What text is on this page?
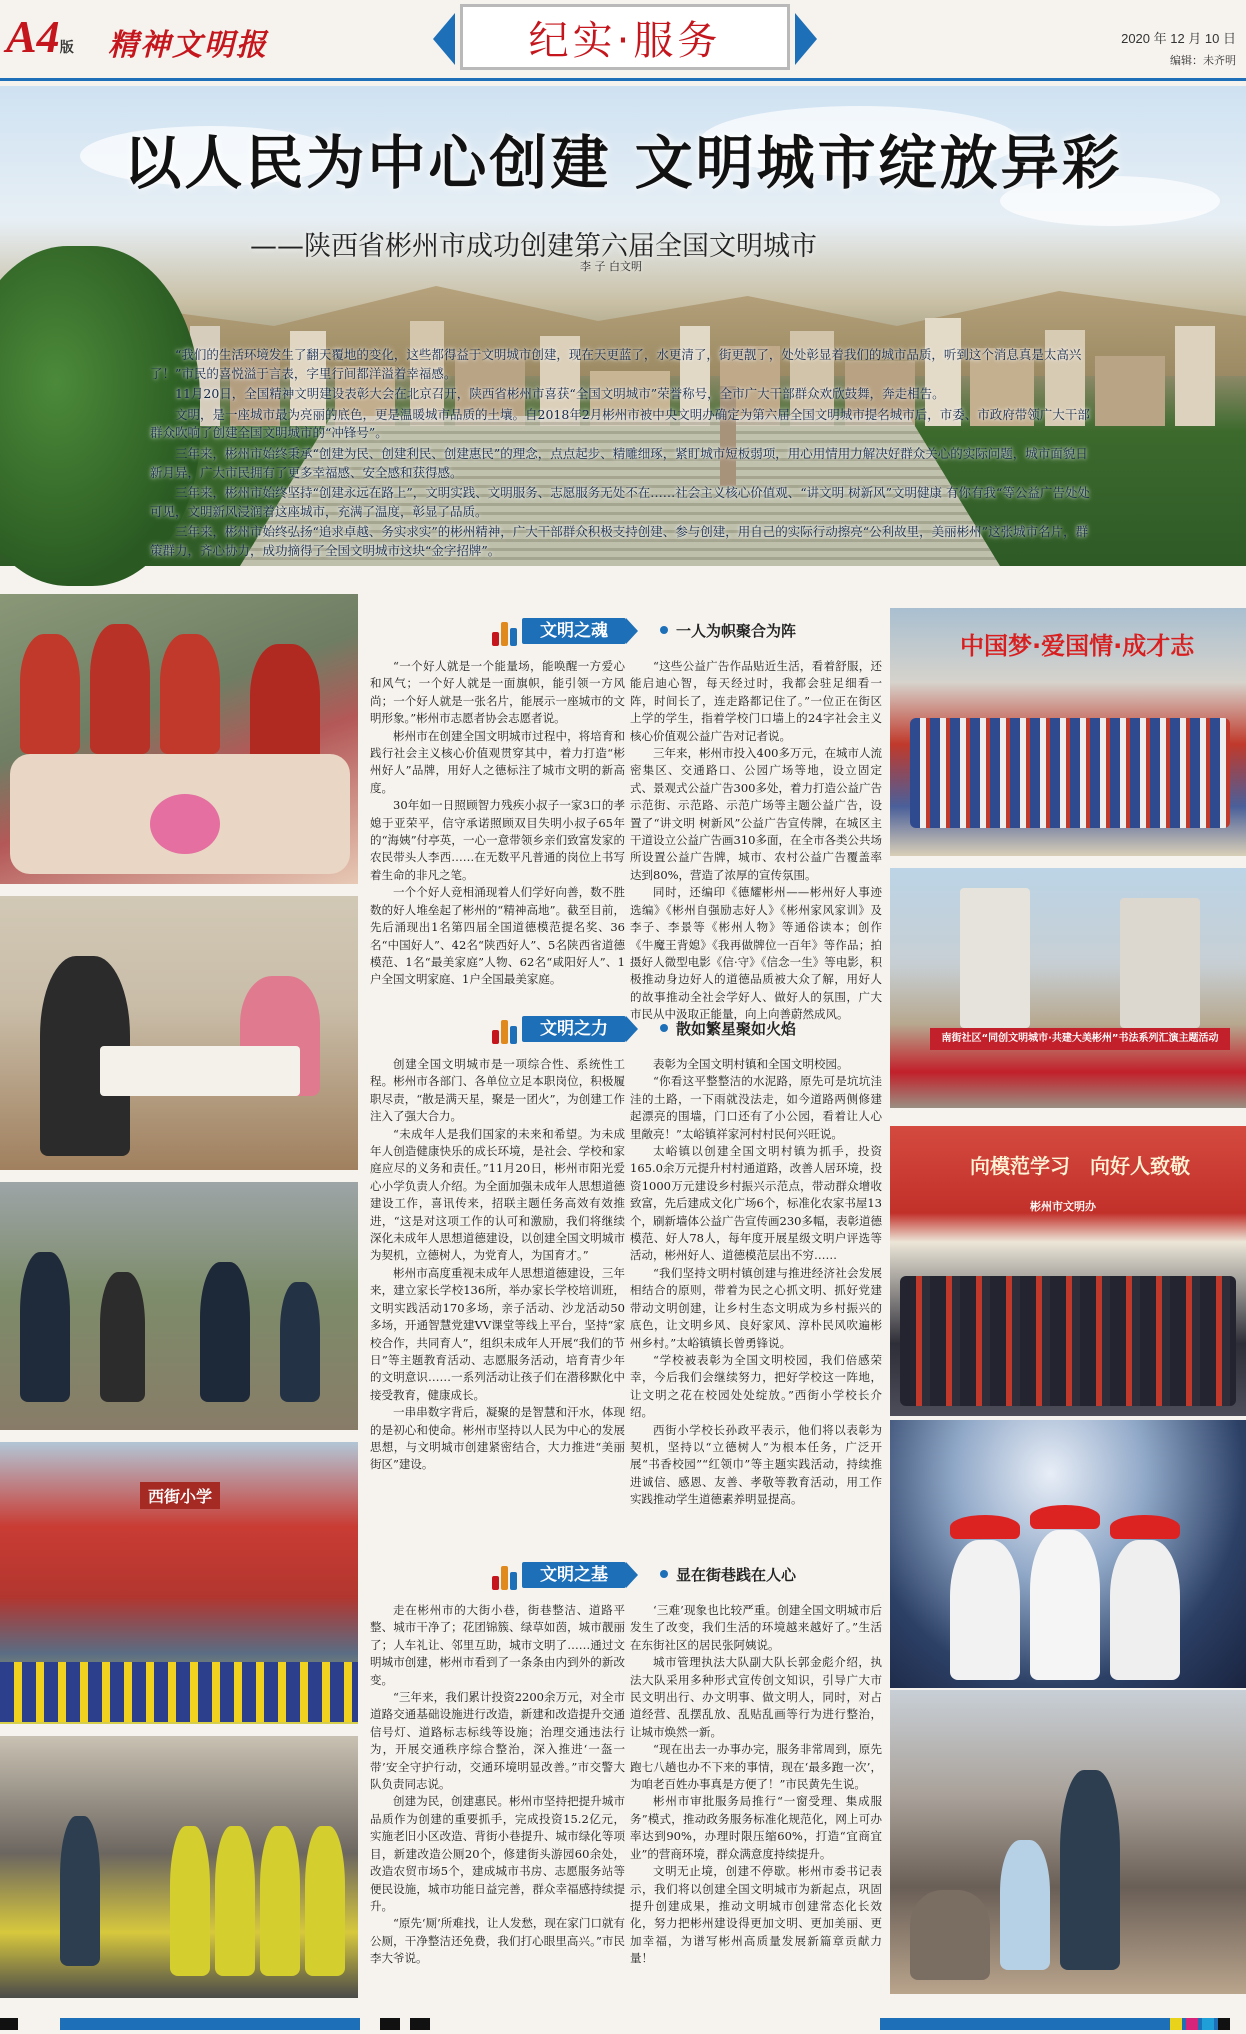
A4版 精神文明报	纪实·服务	2020 年 12 月 10 日
编辑：未齐明
以人民为中心创建 文明城市绽放异彩
——陕西省彬州市成功创建第六届全国文明城市
李 子 白文明

“我们的生活环境发生了翻天覆地的变化，这些都得益于文明城市创建，现在天更蓝了，水更清了，街更靓了，处处彰显着我们的城市品质，听到这个消息真是太高兴了！”市民的喜悦溢于言表，字里行间都洋溢着幸福感。

11月20日，全国精神文明建设表彰大会在北京召开，陕西省彬州市喜获“全国文明城市”荣誉称号，全市广大干部群众欢欣鼓舞，奔走相告。

文明，是一座城市最为亮丽的底色，更是温暖城市品质的土壤。自2018年2月彬州市被中央文明办确定为第六届全国文明城市提名城市后，市委、市政府带领广大干部群众吹响了创建全国文明城市的“冲锋号”。

三年来，彬州市始终秉承“创建为民、创建利民、创建惠民”的理念，点点起步、精雕细琢，紧盯城市短板弱项，用心用情用力解决好群众关心的实际问题，城市面貌日新月异，广大市民拥有了更多幸福感、安全感和获得感。

三年来，彬州市始终坚持“创建永远在路上”，文明实践、文明服务、志愿服务无处不在……社会主义核心价值观、“讲文明 树新风”文明健康 有你有我“等公益广告处处可见，文明新风浸润着这座城市，充满了温度，彰显了品质。

三年来，彬州市始终弘扬“追求卓越、务实求实”的彬州精神，广大干部群众积极支持创建、参与创建，用自己的实际行动擦亮“公利故里，美丽彬州”这张城市名片，群策群力，齐心协力，成功摘得了全国文明城市这块“金字招牌”。

西街小学
中国梦·爱国情·成才志
南街社区“同创文明城市·共建大美彬州”书法系列汇演主题活动
向模范学习　向好人致敬
彬州市文明办
文明之魂	一人为帜聚合为阵

“一个好人就是一个能量场，能唤醒一方爱心和风气；一个好人就是一面旗帜，能引领一方风尚；一个好人就是一张名片，能展示一座城市的文明形象。”彬州市志愿者协会志愿者说。

彬州市在创建全国文明城市过程中，将培育和践行社会主义核心价值观贯穿其中，着力打造“彬州好人”品牌，用好人之德标注了城市文明的新高度。

30年如一日照顾智力残疾小叔子一家3口的孝媳于亚荣平，信守承诺照顾双目失明小叔子65年的“海姨”付亭英，一心一意带领乡亲们致富发家的农民带头人李西……在无数平凡普通的岗位上书写着生命的非凡之笔。

一个个好人竞相涌现着人们学好向善，数不胜数的好人堆垒起了彬州的“精神高地”。截至目前，先后涌现出1名第四届全国道德模范提名奖、36名“中国好人”、42名“陕西好人”、5名陕西省道德模范、1名“最美家庭”人物、62名“咸阳好人”、1户全国文明家庭、1户全国最美家庭。

“这些公益广告作品贴近生活，看着舒服，还能启迪心智，每天经过时，我都会驻足细看一阵，时间长了，连走路都记住了。”一位正在街区上学的学生，指着学校门口墙上的24字社会主义核心价值观公益广告对记者说。

三年来，彬州市投入400多万元，在城市人流密集区、交通路口、公园广场等地，设立固定式、景观式公益广告300多处，着力打造公益广告示范街、示范路、示范广场等主题公益广告，设置了“讲文明 树新风”公益广告宣传牌，在城区主干道设立公益广告画310多面，在全市各类公共场所设置公益广告牌，城市、农村公益广告覆盖率达到80%，营造了浓厚的宣传氛围。

同时，还编印《德耀彬州——彬州好人事迹选编》《彬州自强励志好人》《彬州家风家训》及李子、李景等《彬州人物》等通俗读本；创作《牛魔王背媳》《我再做牌位一百年》等作品；拍摄好人微型电影《信·守》《信念一生》等电影，积极推动身边好人的道德品质被大众了解，用好人的故事推动全社会学好人、做好人的氛围，广大市民从中汲取正能量，向上向善蔚然成风。

文明之力	散如繁星聚如火焰

创建全国文明城市是一项综合性、系统性工程。彬州市各部门、各单位立足本职岗位，积极履职尽责，“散是满天星，聚是一团火”，为创建工作注入了强大合力。

“未成年人是我们国家的未来和希望。为未成年人创造健康快乐的成长环境，是社会、学校和家庭应尽的义务和责任。”11月20日，彬州市阳光爱心小学负责人介绍。为全面加强未成年人思想道德建设工作，喜讯传来，招联主题任务高效有效推进，“这是对这项工作的认可和激励，我们将继续深化未成年人思想道德建设，以创建全国文明城市为契机，立德树人，为党育人，为国育才。”

彬州市高度重视未成年人思想道德建设，三年来，建立家长学校136所，举办家长学校培训班，文明实践活动170多场，亲子活动、沙龙活动50多场，开通智慧党建VV课堂等线上平台，坚持“家校合作，共同育人”，组织未成年人开展“我们的节日”等主题教育活动、志愿服务活动，培育青少年的文明意识……一系列活动让孩子们在潜移默化中接受教育，健康成长。

一串串数字背后，凝聚的是智慧和汗水，体现的是初心和使命。彬州市坚持以人民为中心的发展思想，与文明城市创建紧密结合，大力推进“美丽街区”建设。

表彰为全国文明村镇和全国文明校园。

“你看这平整整洁的水泥路，原先可是坑坑洼洼的土路，一下雨就没法走，如今道路两侧修建起漂亮的围墙，门口还有了小公园，看着让人心里敞亮！”太峪镇祥家河村村民何兴旺说。

太峪镇以创建全国文明村镇为抓手，投资165.0余万元提升村村通道路，改善人居环境，投资1000万元建设乡村振兴示范点，带动群众增收致富，先后建成文化广场6个，标准化农家书屋13个，刷新墙体公益广告宣传画230多幅，表彰道德模范、好人78人，每年度开展星级文明户评选等活动，彬州好人、道德模范层出不穷……

“我们坚持文明村镇创建与推进经济社会发展相结合的原则，带着为民之心抓文明、抓好党建带动文明创建，让乡村生态文明成为乡村振兴的底色，让文明乡风、良好家风、淳朴民风吹遍彬州乡村。”太峪镇镇长曾勇锋说。

“学校被表彰为全国文明校园，我们倍感荣幸，今后我们会继续努力，把好学校这一阵地，让文明之花在校园处处绽放。”西街小学校长介绍。

西街小学校长孙政平表示，他们将以表彰为契机，坚持以“立德树人”为根本任务，广泛开展“书香校园”“红领巾”等主题实践活动，持续推进诚信、感恩、友善、孝敬等教育活动，用工作实践推动学生道德素养明显提高。

文明之基	显在街巷践在人心

走在彬州市的大街小巷，街巷整洁、道路平整、城市干净了；花团锦簇、绿草如茵，城市靓丽了；人车礼让、邻里互助，城市文明了……通过文明城市创建，彬州市看到了一条条由内到外的新改变。

“三年来，我们累计投资2200余万元，对全市道路交通基础设施进行改造，新建和改造提升交通信号灯、道路标志标线等设施；治理交通违法行为，开展交通秩序综合整治，深入推进‘一盔一带’安全守护行动，交通环境明显改善。”市交警大队负责同志说。

创建为民，创建惠民。彬州市坚持把提升城市品质作为创建的重要抓手，完成投资15.2亿元，实施老旧小区改造、背街小巷提升、城市绿化等项目，新建改造公厕20个，修建街头游园60余处，改造农贸市场5个，建成城市书房、志愿服务站等便民设施，城市功能日益完善，群众幸福感持续提升。

“原先‘厕’所难找，让人发愁，现在家门口就有公厕，干净整洁还免费，我们打心眼里高兴。”市民李大爷说。

‘三难’现象也比较严重。创建全国文明城市后发生了改变，我们生活的环境越来越好了。”生活在东街社区的居民张阿姨说。

城市管理执法大队副大队长郭金彪介绍，执法大队采用多种形式宣传创文知识，引导广大市民文明出行、办文明事、做文明人，同时，对占道经营、乱摆乱放、乱贴乱画等行为进行整治，让城市焕然一新。

“现在出去一办事办完，服务非常周到，原先跑七八趟也办不下来的事情，现在‘最多跑一次’，为咱老百姓办事真是方便了！”市民黄先生说。

彬州市审批服务局推行“一窗受理、集成服务”模式，推动政务服务标准化规范化，网上可办率达到90%，办理时限压缩60%，打造“宜商宜业”的营商环境，群众满意度持续提升。

文明无止境，创建不停歇。彬州市委书记表示，我们将以创建全国文明城市为新起点，巩固提升创建成果，推动文明城市创建常态化长效化，努力把彬州建设得更加文明、更加美丽、更加幸福，为谱写彬州高质量发展新篇章贡献力量！
